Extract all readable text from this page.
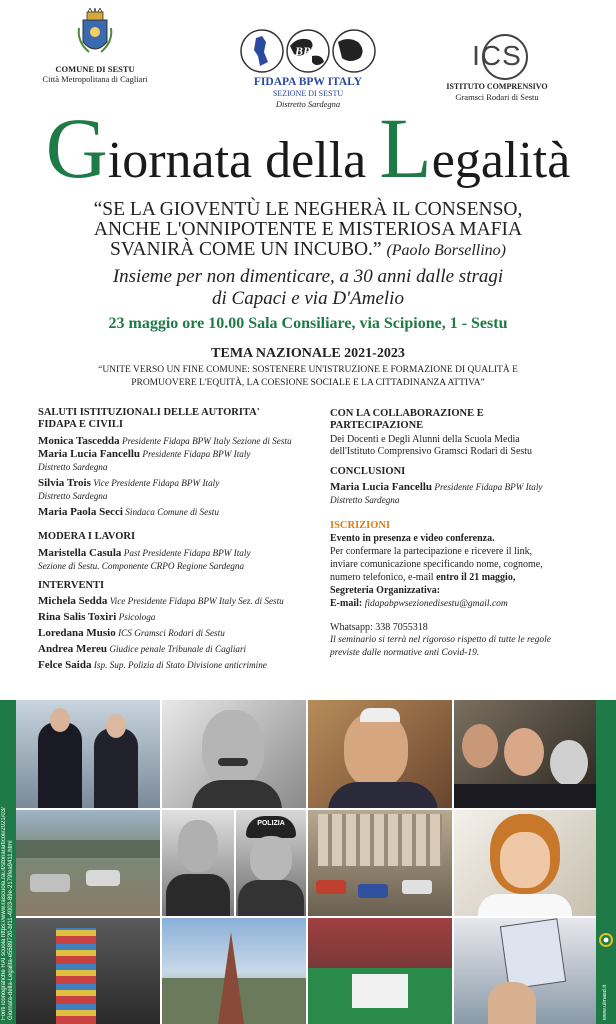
COMUNE DI SESTU
Città Metropolitana di Cagliari
BPW
FIDAPA BPW ITALY
SEZIONE DI SESTU
Distretto Sardegna
ICS
ISTITUTO COMPRENSIVO
Gramsci Rodari di Sestu
Giornata della Legalità
“SE LA GIOVENTÙ LE NEGHERÀ IL CONSENSO,
ANCHE L'ONNIPOTENTE E MISTERIOSA MAFIA
SVANIRÀ COME UN INCUBO.” (Paolo Borsellino)
Insieme per non dimenticare, a 30 anni dalle stragi
di Capaci e via D'Amelio
23 maggio ore 10.00 Sala Consiliare, via Scipione, 1 - Sestu
TEMA NAZIONALE 2021-2023
“UNITE VERSO UN FINE COMUNE: SOSTENERE UN'ISTRUZIONE E FORMAZIONE DI QUALITÀ E
PROMUOVERE L'EQUITÀ, LA COESIONE SOCIALE E LA CITTADINANZA ATTIVA”
SALUTI ISTITUZIONALI DELLE AUTORITA'
FIDAPA E CIVILI
Monica Tascedda Presidente Fidapa BPW Italy Sezione di Sestu
Maria Lucia Fancellu Presidente Fidapa BPW Italy
Distretto Sardegna
Silvia Trois Vice Presidente Fidapa BPW Italy
Distretto Sardegna
Maria Paola Secci Sindaca Comune di Sestu
MODERA I LAVORI
Maristella Casula Past Presidente Fidapa BPW Italy
Sezione di Sestu. Componente CRPO Regione Sardegna
INTERVENTI
Michela Sedda Vice Presidente Fidapa BPW Italy Sez. di Sestu
Rina Salis Toxiri Psicologa
Loredana Musio ICS Gramsci Rodari di Sestu
Andrea Mereu Giudice penale Tribunale di Cagliari
Felce Saida Isp. Sup. Polizia di Stato Divisione anticrimine
CON LA COLLABORAZIONE E
PARTECIPAZIONE
Dei Docenti e Degli Alunni della Scuola Media
dell'Istituto Comprensivo Gramsci Rodari di Sestu
CONCLUSIONI
Maria Lucia Fancellu Presidente Fidapa BPW Italy
Distretto Sardegna
ISCRIZIONI
Evento in presenza e video conferenza.
Per confermare la partecipazione e ricevere il link,
inviare comunicazione specificando nome, cognome,
numero telefonico, e-mail entro il 21 maggio,
Segreteria Organizzativa:
E-mail: fidapabpwsezionedisestu@gmail.com
Whatsapp: 338 7055318
Il seminario si terrà nel rigoroso rispetto di tutte le regole
previste dalle normative anti Covid-19.
Fonti iconografiche RAI scuola https://www.raiscuola.rai.it/storia/articoli/2021/03/ Giornata-della-Legalita-e5589720-bf11-4003-89e-2179fea9411.html	www.ulmasd.it
POLIZIA
